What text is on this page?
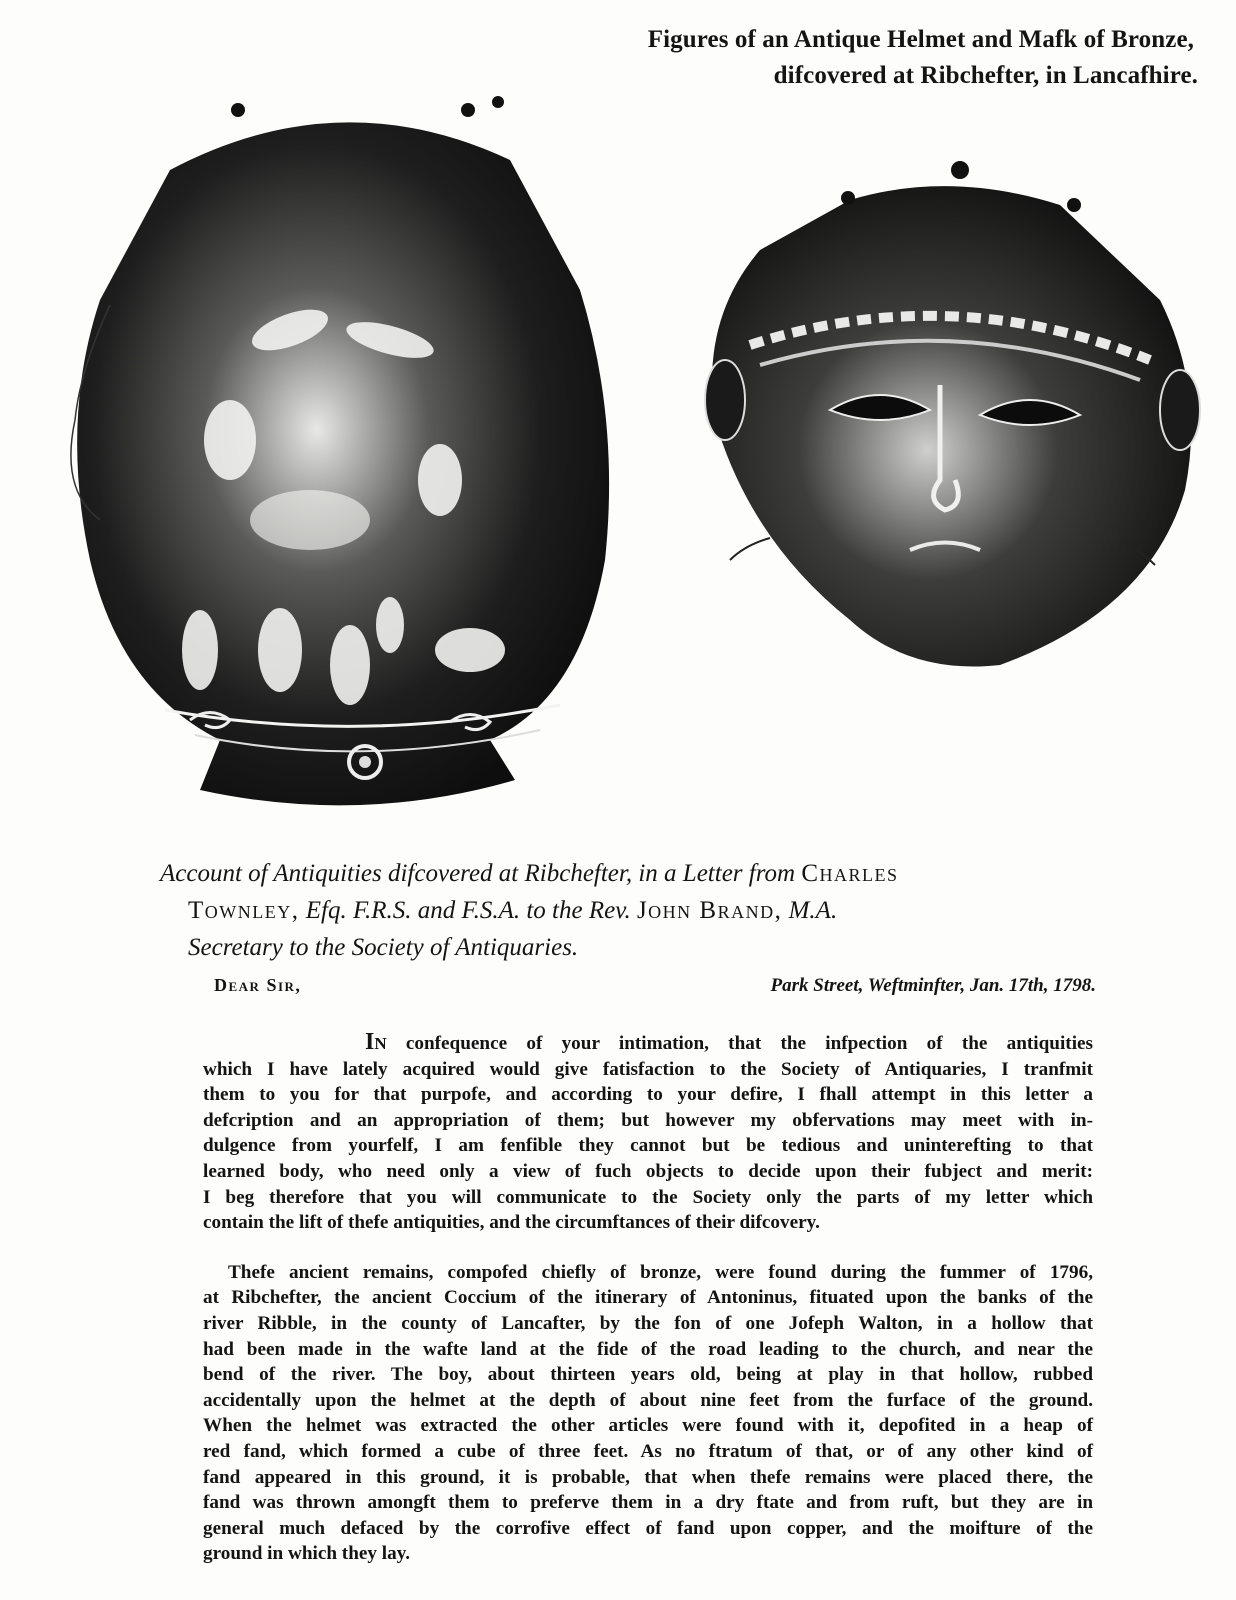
Figures of an Antique Helmet and Mafk of Bronze,
difcovered at Ribchefter, in Lancafhire.
Account of Antiquities difcovered at Ribchefter, in a Letter from Charles
Townley, Efq. F.R.S. and F.S.A. to the Rev. John Brand, M.A.
Secretary to the Society of Antiquaries.
Dear Sir,	Park Street, Weftminfter, Jan. 17th, 1798.

In confequence of your intimation, that the infpection of the antiquities
which I have lately acquired would give fatisfaction to the Society of Antiquaries, I tranfmit
them to you for that purpofe, and according to your defire, I fhall attempt in this letter a
defcription and an appropriation of them; but however my obfervations may meet with in-
dulgence from yourfelf, I am fenfible they cannot but be tedious and uninterefting to that
learned body, who need only a view of fuch objects to decide upon their fubject and merit:
I beg therefore that you will communicate to the Society only the parts of my letter which
contain the lift of thefe antiquities, and the circumftances of their difcovery.

Thefe ancient remains, compofed chiefly of bronze, were found during the fummer of 1796,
at Ribchefter, the ancient Coccium of the itinerary of Antoninus, fituated upon the banks of the
river Ribble, in the county of Lancafter, by the fon of one Jofeph Walton, in a hollow that
had been made in the wafte land at the fide of the road leading to the church, and near the
bend of the river. The boy, about thirteen years old, being at play in that hollow, rubbed
accidentally upon the helmet at the depth of about nine feet from the furface of the ground.
When the helmet was extracted the other articles were found with it, depofited in a heap of
red fand, which formed a cube of three feet. As no ftratum of that, or of any other kind of
fand appeared in this ground, it is probable, that when thefe remains were placed there, the
fand was thrown amongft them to preferve them in a dry ftate and from ruft, but they are in
general much defaced by the corrofive effect of fand upon copper, and the moifture of the
ground in which they lay.
